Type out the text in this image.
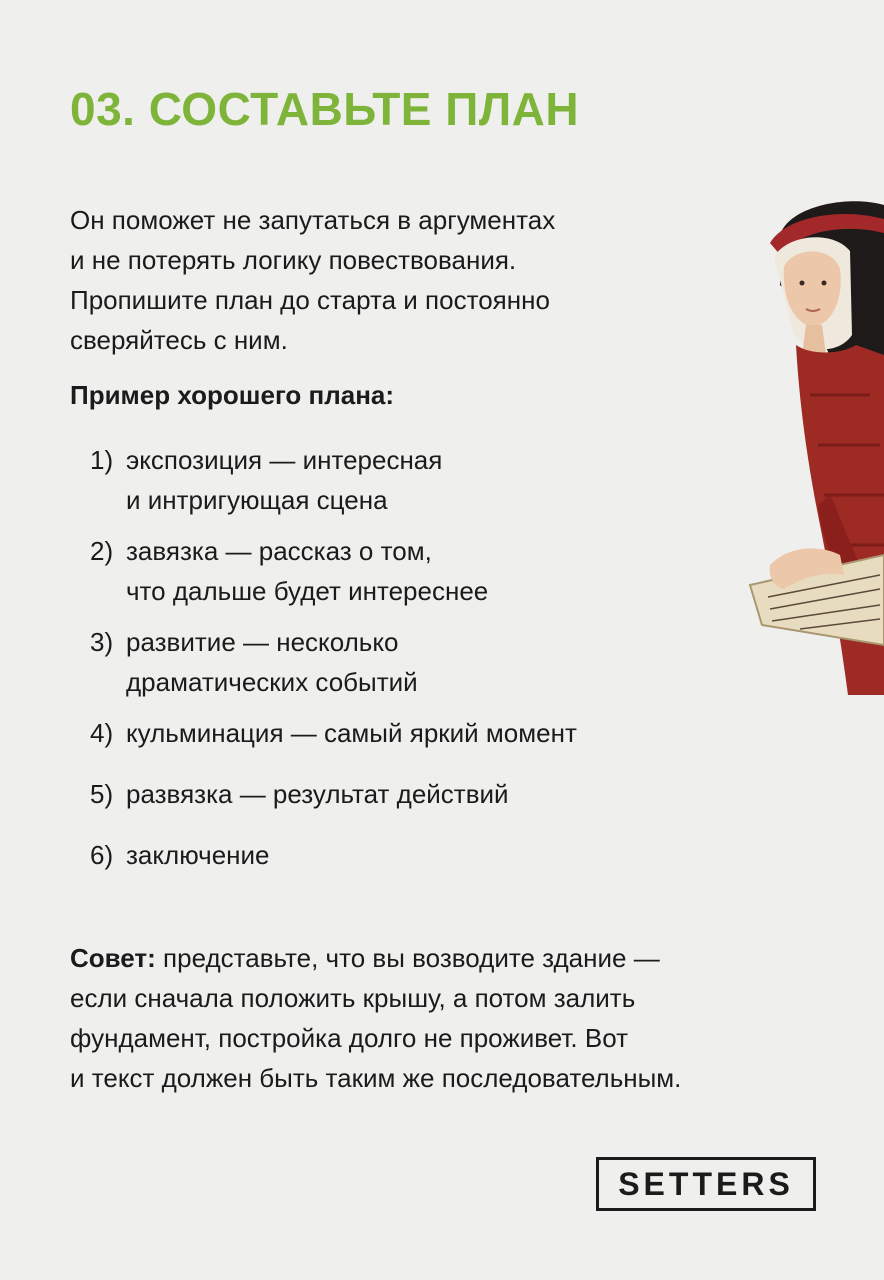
03. СОСТАВЬТЕ ПЛАН

Он поможет не запутаться в аргументах
и не потерять логику повествования.
Пропишите план до старта и постоянно
сверяйтесь с ним.

Пример хорошего плана:

1) экспозиция — интересная
и интригующая сцена
2) завязка — рассказ о том,
что дальше будет интереснее
3) развитие — несколько
драматических событий
4) кульминация — самый яркий момент
5) развязка — результат действий
6) заключение

Совет: представьте, что вы возводите здание —
если сначала положить крышу, а потом залить
фундамент, постройка долго не проживет. Вот
и текст должен быть таким же последовательным.

SETTERS
